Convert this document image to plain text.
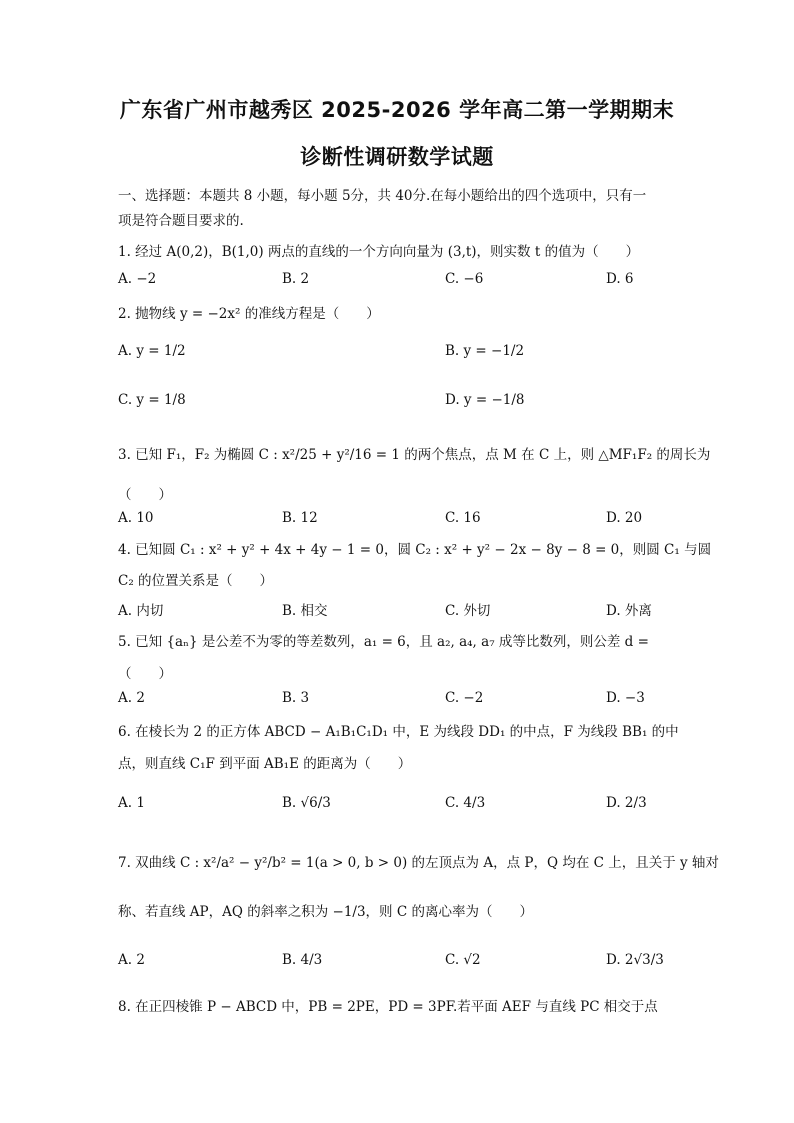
广东省广州市越秀区 2025-2026 学年高二第一学期期末
诊断性调研数学试题
一、选择题：本题共 8 小题，每小题 5分，共 40分.在每小题给出的四个选项中，只有一
项是符合题目要求的.
1. 经过 A(0,2)，B(1,0) 两点的直线的一个方向向量为 (3,t)，则实数 t 的值为（　　）
A. −2	B. 2	C. −6	D. 6
2. 抛物线 y = −2x² 的准线方程是（　　）
A. y = 1/2	B. y = −1/2
C. y = 1/8	D. y = −1/8
3. 已知 F₁，F₂ 为椭圆 C : x²/25 + y²/16 = 1 的两个焦点，点 M 在 C 上，则 △MF₁F₂ 的周长为
（　　）
A. 10	B. 12	C. 16	D. 20
4. 已知圆 C₁ : x² + y² + 4x + 4y − 1 = 0，圆 C₂ : x² + y² − 2x − 8y − 8 = 0，则圆 C₁ 与圆
C₂ 的位置关系是（　　）
A. 内切	B. 相交	C. 外切	D. 外离
5. 已知 {aₙ} 是公差不为零的等差数列，a₁ = 6，且 a₂, a₄, a₇ 成等比数列，则公差 d =
（　　）
A. 2	B. 3	C. −2	D. −3
6. 在棱长为 2 的正方体 ABCD − A₁B₁C₁D₁ 中，E 为线段 DD₁ 的中点，F 为线段 BB₁ 的中
点，则直线 C₁F 到平面 AB₁E 的距离为（　　）
A. 1	B. √6/3	C. 4/3	D. 2/3
7. 双曲线 C : x²/a² − y²/b² = 1(a > 0, b > 0) 的左顶点为 A，点 P，Q 均在 C 上，且关于 y 轴对
称、若直线 AP，AQ 的斜率之积为 −1/3，则 C 的离心率为（　　）
A. 2	B. 4/3	C. √2	D. 2√3/3
8. 在正四棱锥 P − ABCD 中，PB = 2PE，PD = 3PF.若平面 AEF 与直线 PC 相交于点
